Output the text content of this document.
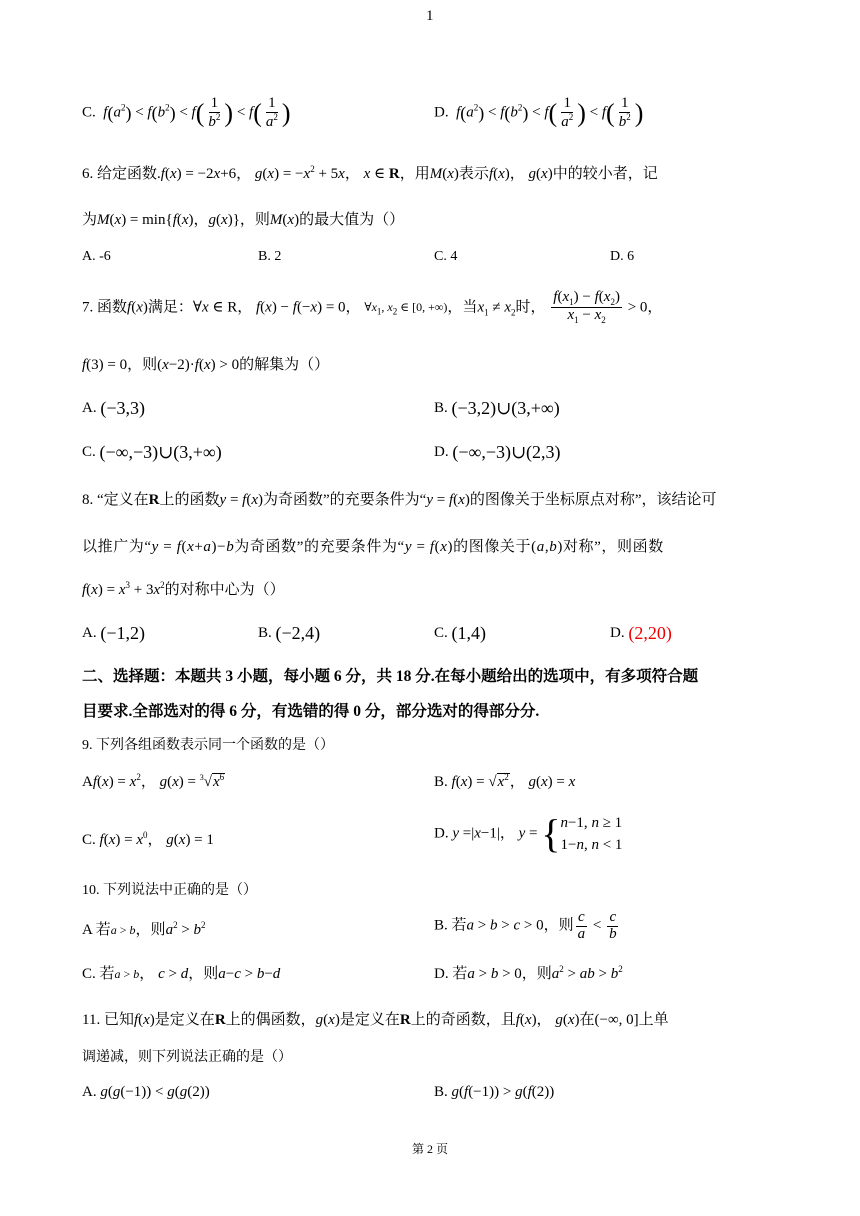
1
C. $f(a^2) < f(b^2) < f( \frac{1}{b^2}$ ) < $f( \frac{1}{a^2}$ )	D. $f(a^2) < f(b^2) < f( \frac{1}{a^2}$ ) < $f( \frac{1}{b^2}$ )
6. 给定函数.f(x) = −2x+6， $g(x) = -x^2 + 5x$， x ∈ R，用M(x)表示f(x)， g(x)中的较小者，记
为M(x) = min{f(x)，g(x)}，则M(x)的最大值为（）
A. -6	B. 2	C. 4	D. 6
7. 函数f(x)满足：∀x ∈ R， f(x) − f(−x) = 0， $\forall x_1$, $x_2$ ∈ [0, +∞)，当$x_1 \ne x_2$时， $\frac{f(x_1) - f(x_2)}{x_1 - x_2} > 0$，
f(3) = 0，则(x−2)·f(x) > 0的解集为（）
A. (−3,3)	B. (−3,2)∪(3,+∞)
C. (−∞,−3)∪(3,+∞)	D. (−∞,−3)∪(2,3)
8. “定义在R上的函数y = f(x)为奇函数”的充要条件为“y = f(x)的图像关于坐标原点对称”，该结论可
以推广为“y = f(x+a)−b为奇函数”的充要条件为“y = f(x)的图像关于(a,b)对称”，则函数
$f(x) = x^3 + 3x^2$的对称中心为（）
A. (−1,2)	B. (−2,4)	C. (1,4)	D. (2,20)
二、选择题：本题共 3 小题，每小题 6 分，共 18 分.在每小题给出的选项中，有多项符合题
目要求.全部选对的得 6 分，有选错的得 0 分，部分选对的得部分分.
9. 下列各组函数表示同一个函数的是（）
$Af(x) = x^2$， $g(x) = ^3√x^6$	B. $f(x) = √x^2$， g(x) = x
C. $f(x) = x^0$， g(x) = 1	D. y =|x−1|， y = { n−1, n ≥ 1
1−n, n < 1
10. 下列说法中正确的是（）
A 若a > b，则$a^2 > b^2$	B. 若a > b > c > 0，则 $\frac{c}{a} < \frac{c}{b}$
C. 若a > b， c > d，则a−c > b−d	D. 若a > b > 0，则$a^2$ > ab > $b^2$
11. 已知f(x)是定义在R上的偶函数，g(x)是定义在R上的奇函数，且f(x)， g(x)在(−∞, 0]上单
调递减，则下列说法正确的是（）
A. g(g(−1)) < g(g(2))	B. g(f(−1)) > g(f(2))
第 2 页
